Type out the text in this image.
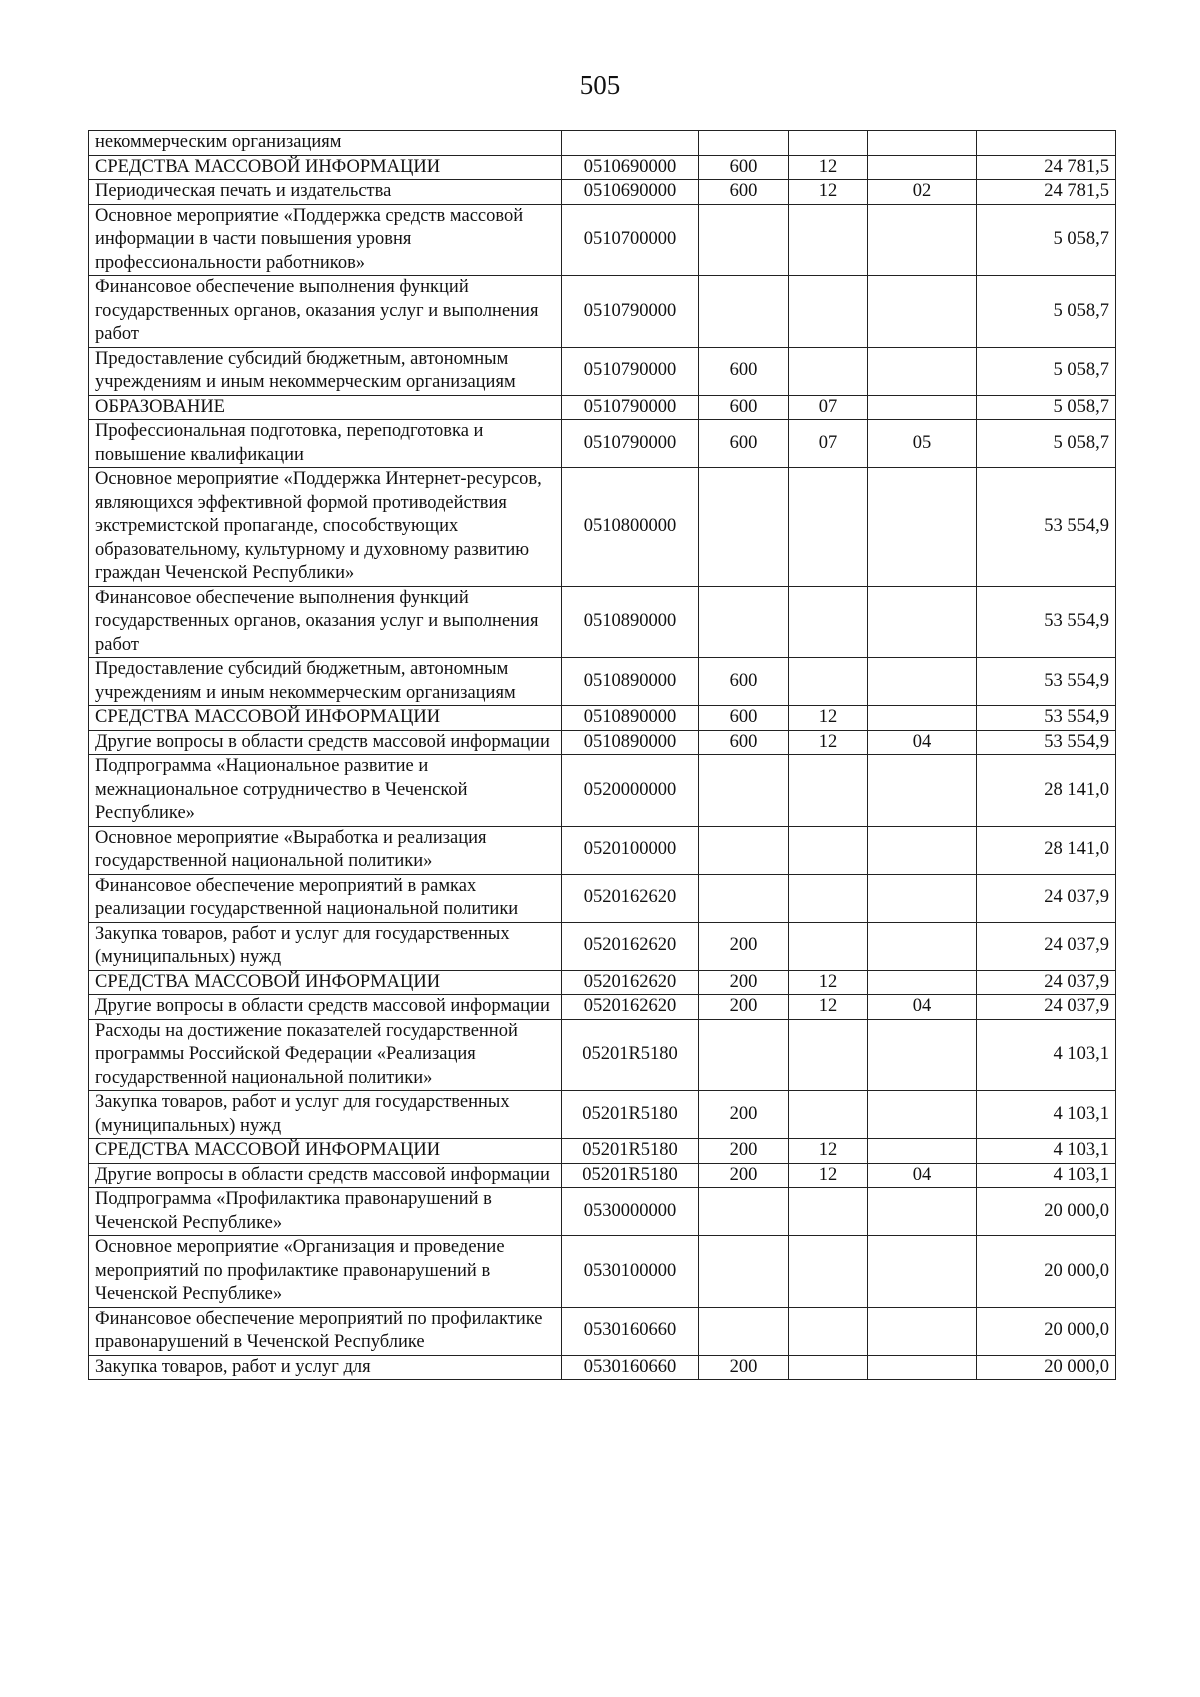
505
некоммерческим организациям					
СРЕДСТВА МАССОВОЙ ИНФОРМАЦИИ	0510690000	600	12		24 781,5
Периодическая печать и издательства	0510690000	600	12	02	24 781,5
Основное мероприятие «Поддержка средств массовой информации в части повышения уровня профессиональности работников»	0510700000				5 058,7
Финансовое обеспечение выполнения функций государственных органов, оказания услуг и выполнения работ	0510790000				5 058,7
Предоставление субсидий бюджетным, автономным учреждениям и иным некоммерческим организациям	0510790000	600			5 058,7
ОБРАЗОВАНИЕ	0510790000	600	07		5 058,7
Профессиональная подготовка, переподготовка и повышение квалификации	0510790000	600	07	05	5 058,7
Основное мероприятие «Поддержка Интернет-ресурсов, являющихся эффективной формой противодействия экстремистской пропаганде, способствующих образовательному, культурному и духовному развитию граждан Чеченской Республики»	0510800000				53 554,9
Финансовое обеспечение выполнения функций государственных органов, оказания услуг и выполнения работ	0510890000				53 554,9
Предоставление субсидий бюджетным, автономным учреждениям и иным некоммерческим организациям	0510890000	600			53 554,9
СРЕДСТВА МАССОВОЙ ИНФОРМАЦИИ	0510890000	600	12		53 554,9
Другие вопросы в области средств массовой информации	0510890000	600	12	04	53 554,9
Подпрограмма «Национальное развитие и межнациональное сотрудничество в Чеченской Республике»	0520000000				28 141,0
Основное мероприятие «Выработка и реализация государственной национальной политики»	0520100000				28 141,0
Финансовое обеспечение мероприятий в рамках реализации государственной национальной политики	0520162620				24 037,9
Закупка товаров, работ и услуг для государственных (муниципальных) нужд	0520162620	200			24 037,9
СРЕДСТВА МАССОВОЙ ИНФОРМАЦИИ	0520162620	200	12		24 037,9
Другие вопросы в области средств массовой информации	0520162620	200	12	04	24 037,9
Расходы на достижение показателей государственной программы Российской Федерации «Реализация государственной национальной политики»	05201R5180				4 103,1
Закупка товаров, работ и услуг для государственных (муниципальных) нужд	05201R5180	200			4 103,1
СРЕДСТВА МАССОВОЙ ИНФОРМАЦИИ	05201R5180	200	12		4 103,1
Другие вопросы в области средств массовой информации	05201R5180	200	12	04	4 103,1
Подпрограмма «Профилактика правонарушений в Чеченской Республике»	0530000000				20 000,0
Основное мероприятие «Организация и проведение мероприятий по профилактике правонарушений в Чеченской Республике»	0530100000				20 000,0
Финансовое обеспечение мероприятий по профилактике правонарушений в Чеченской Республике	0530160660				20 000,0
Закупка товаров, работ и услуг для	0530160660	200			20 000,0
